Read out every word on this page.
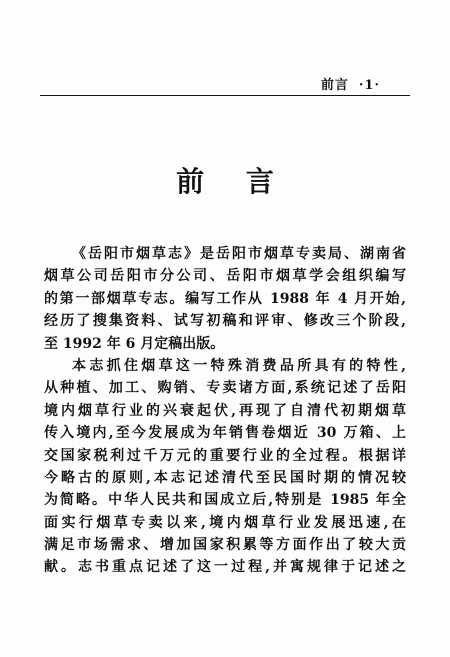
前言 ·1·
前 言
《岳阳市烟草志》是岳阳市烟草专卖局、湖南省
烟草公司岳阳市分公司、岳阳市烟草学会组织编写
的第一部烟草专志。编写工作从 1988 年 4 月开始,
经历了搜集资料、试写初稿和评审、修改三个阶段,
至 1992 年 6 月定稿出版。
本志抓住烟草这一特殊消费品所具有的特性,
从种植、加工、购销、专卖诸方面,系统记述了岳阳
境内烟草行业的兴衰起伏,再现了自清代初期烟草
传入境内,至今发展成为年销售卷烟近 30 万箱、上
交国家税利过千万元的重要行业的全过程。根据详
今略古的原则,本志记述清代至民国时期的情况较
为简略。中华人民共和国成立后,特别是 1985 年全
面实行烟草专卖以来,境内烟草行业发展迅速,在
满足市场需求、增加国家积累等方面作出了较大贡
献。志书重点记述了这一过程,并寓规律于记述之
